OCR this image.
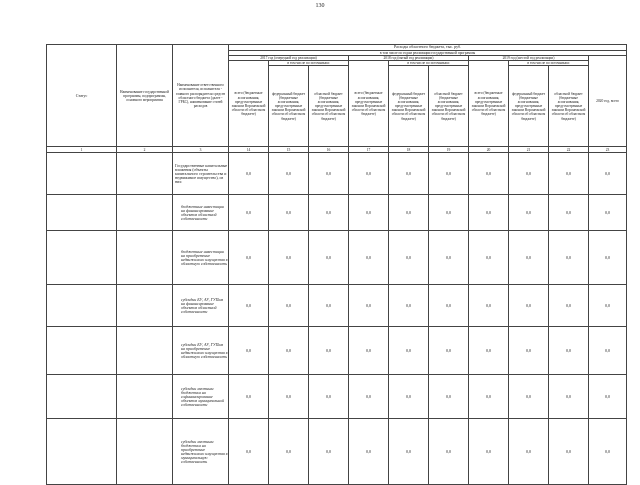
130
Статус	Наименование государственной программы, подпрограммы, основного мероприятия	Наименование ответственного исполнителя, исполнителя - главного распорядителя средств областного бюджета (далее - ГРБС), наименование статей расходов	Расходы областного бюджета, тыс. руб.									
			в том числе по годам реализации государственной программы									
			2017 год (очередной год реализации)			2018 год (пятый год реализации)			2019 год (шестой год реализации)			2020 год, всего
			всего (бюджетные ассигнования, предусмотренные законом Воронежской области об областном бюджете)	в том числе по источникам:		всего (бюджетные ассигнования, предусмотренные законом Воронежской области об областном бюджете)	в том числе по источникам:		всего (бюджетные ассигнования, предусмотренные законом Воронежской области об областном бюджете)	в том числе по источникам:		
				федеральный бюджет (бюджетные ассигнования, предусмотренные законом Воронежской области об областном бюджете)	областной бюджет (бюджетные ассигнования, предусмотренные законом Воронежской области об областном бюджете)		федеральный бюджет (бюджетные ассигнования, предусмотренные законом Воронежской области об областном бюджете)	областной бюджет (бюджетные ассигнования, предусмотренные законом Воронежской области об областном бюджете)		федеральный бюджет (бюджетные ассигнования, предусмотренные законом Воронежской области об областном бюджете)	областной бюджет (бюджетные ассигнования, предусмотренные законом Воронежской области об областном бюджете)	
1	2	3	14	15	16	17	18	19	20	21	22	23
		Государственные капитальные вложения (объекты капитального строительства и недвижимое имущество), из них:	0,0	0,0	0,0	0,0	0,0	0,0	0,0	0,0	0,0	0,0
		бюджетные инвестиции на финансирование объектов областной собственности	0,0	0,0	0,0	0,0	0,0	0,0	0,0	0,0	0,0	0,0
		бюджетные инвестиции на приобретение недвижимого имущества в областную собственность	0,0	0,0	0,0	0,0	0,0	0,0	0,0	0,0	0,0	0,0
		субсидии БУ, АУ, ГУПам на финансирование объектов областной собственности	0,0	0,0	0,0	0,0	0,0	0,0	0,0	0,0	0,0	0,0
		субсидии БУ, АУ, ГУПам на приобретение недвижимого имущества в областную собственность	0,0	0,0	0,0	0,0	0,0	0,0	0,0	0,0	0,0	0,0
		субсидии местным бюджетам на софинансирование объектов муниципальной собственности	0,0	0,0	0,0	0,0	0,0	0,0	0,0	0,0	0,0	0,0
		субсидии местным бюджетам на приобретение недвижимого имущества в муниципальную собственность	0,0	0,0	0,0	0,0	0,0	0,0	0,0	0,0	0,0	0,0
